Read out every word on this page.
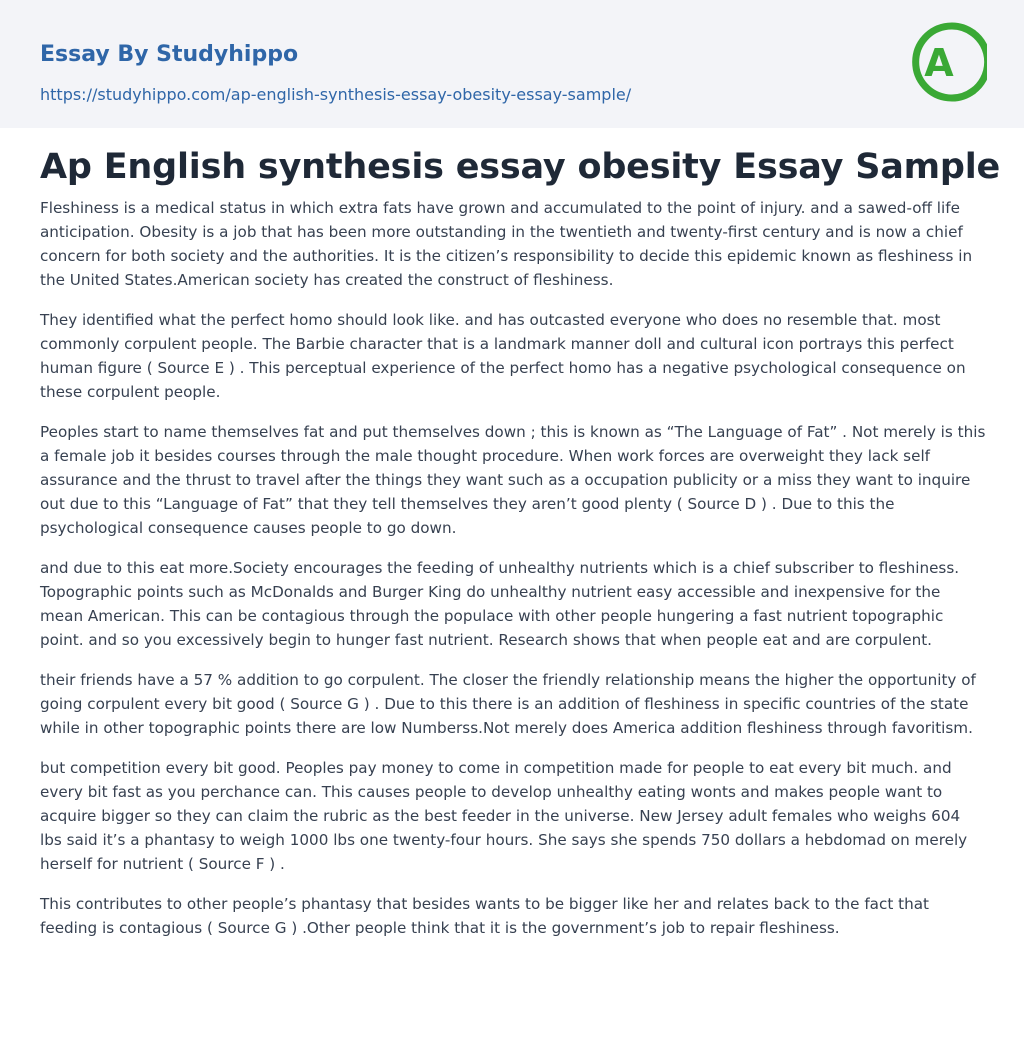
Essay By Studyhippo
https://studyhippo.com/ap-english-synthesis-essay-obesity-essay-sample/
A
Ap English synthesis essay obesity Essay Sample

Fleshiness is a medical status in which extra fats have grown and accumulated to the point of injury. and a sawed-off life anticipation. Obesity is a job that has been more outstanding in the twentieth and twenty-first century and is now a chief concern for both society and the authorities. It is the citizen’s responsibility to decide this epidemic known as fleshiness in the United States.American society has created the construct of fleshiness.

They identified what the perfect homo should look like. and has outcasted everyone who does no resemble that. most commonly corpulent people. The Barbie character that is a landmark manner doll and cultural icon portrays this perfect human figure ( Source E ) . This perceptual experience of the perfect homo has a negative psychological consequence on these corpulent people.

Peoples start to name themselves fat and put themselves down ; this is known as “The Language of Fat” . Not merely is this a female job it besides courses through the male thought procedure. When work forces are overweight they lack self assurance and the thrust to travel after the things they want such as a occupation publicity or a miss they want to inquire out due to this “Language of Fat” that they tell themselves they aren’t good plenty ( Source D ) . Due to this the psychological consequence causes people to go down.

and due to this eat more.Society encourages the feeding of unhealthy nutrients which is a chief subscriber to fleshiness. Topographic points such as McDonalds and Burger King do unhealthy nutrient easy accessible and inexpensive for the mean American. This can be contagious through the populace with other people hungering a fast nutrient topographic point. and so you excessively begin to hunger fast nutrient. Research shows that when people eat and are corpulent.

their friends have a 57 % addition to go corpulent. The closer the friendly relationship means the higher the opportunity of going corpulent every bit good ( Source G ) . Due to this there is an addition of fleshiness in specific countries of the state while in other topographic points there are low Numberss.Not merely does America addition fleshiness through favoritism.

but competition every bit good. Peoples pay money to come in competition made for people to eat every bit much. and every bit fast as you perchance can. This causes people to develop unhealthy eating wonts and makes people want to acquire bigger so they can claim the rubric as the best feeder in the universe. New Jersey adult females who weighs 604 lbs said it’s a phantasy to weigh 1000 lbs one twenty-four hours. She says she spends 750 dollars a hebdomad on merely herself for nutrient ( Source F ) .

This contributes to other people’s phantasy that besides wants to be bigger like her and relates back to the fact that feeding is contagious ( Source G ) .Other people think that it is the government’s job to repair fleshiness.
